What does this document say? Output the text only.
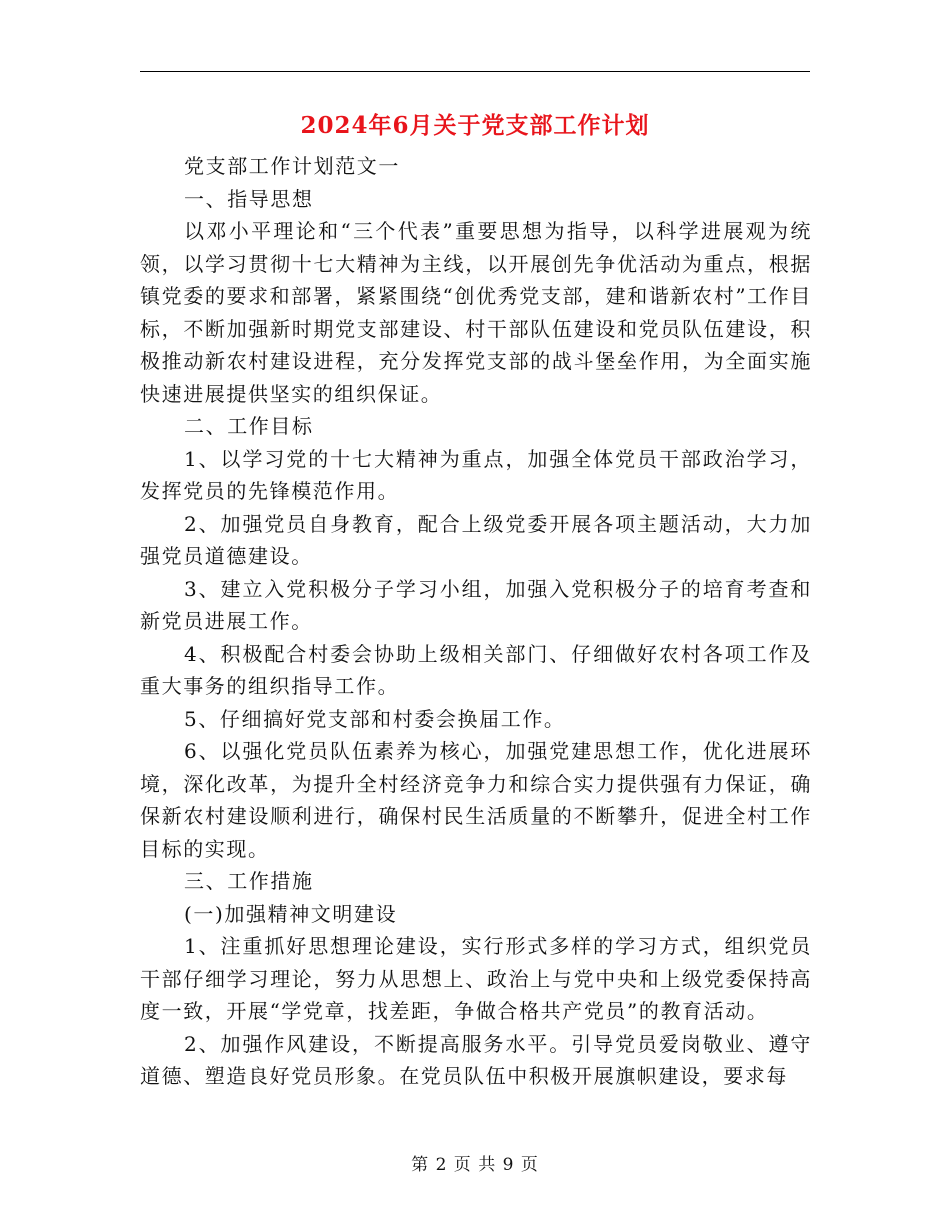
2024年6月关于党支部工作计划

党支部工作计划范文一

一、指导思想

以邓小平理论和“三个代表”重要思想为指导，以科学进展观为统领，以学习贯彻十七大精神为主线，以开展创先争优活动为重点，根据镇党委的要求和部署，紧紧围绕“创优秀党支部，建和谐新农村”工作目标，不断加强新时期党支部建设、村干部队伍建设和党员队伍建设，积极推动新农村建设进程，充分发挥党支部的战斗堡垒作用，为全面实施快速进展提供坚实的组织保证。

二、工作目标

1、以学习党的十七大精神为重点，加强全体党员干部政治学习，发挥党员的先锋模范作用。

2、加强党员自身教育，配合上级党委开展各项主题活动，大力加强党员道德建设。

3、建立入党积极分子学习小组，加强入党积极分子的培育考查和新党员进展工作。

4、积极配合村委会协助上级相关部门、仔细做好农村各项工作及重大事务的组织指导工作。

5、仔细搞好党支部和村委会换届工作。

6、以强化党员队伍素养为核心，加强党建思想工作，优化进展环境，深化改革，为提升全村经济竞争力和综合实力提供强有力保证，确保新农村建设顺利进行，确保村民生活质量的不断攀升，促进全村工作目标的实现。

三、工作措施

(一)加强精神文明建设

1、注重抓好思想理论建设，实行形式多样的学习方式，组织党员干部仔细学习理论，努力从思想上、政治上与党中央和上级党委保持高度一致，开展“学党章，找差距，争做合格共产党员”的教育活动。

2、加强作风建设，不断提高服务水平。引导党员爱岗敬业、遵守道德、塑造良好党员形象。在党员队伍中积极开展旗帜建设，要求每

第 2 页 共 9 页
